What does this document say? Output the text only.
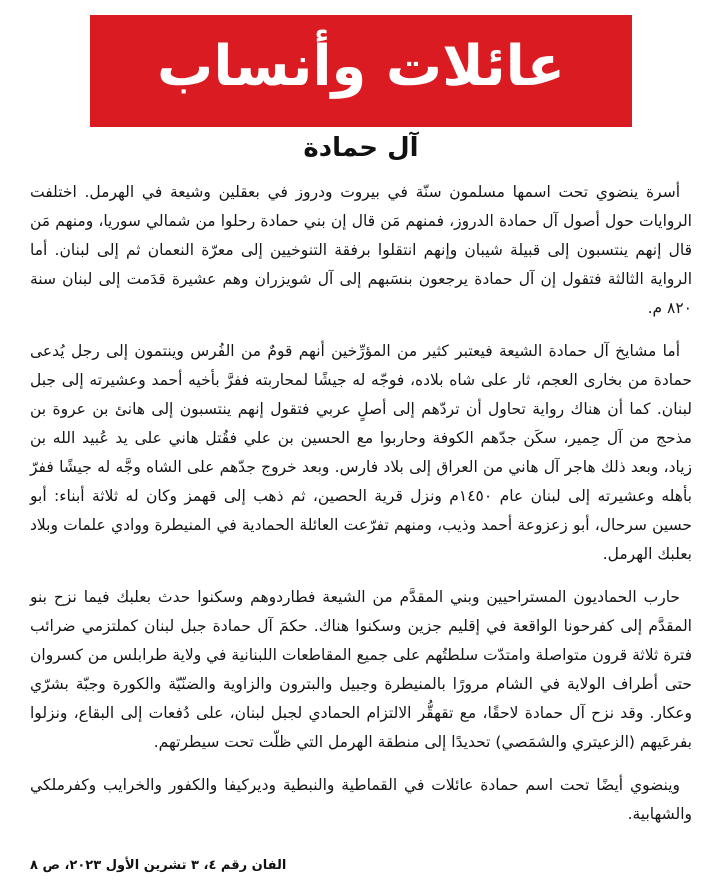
عائلات وأنساب
آل حمادة

أسرة ينضوي تحت اسمها مسلمون سنّة في بيروت ودروز في بعقلين وشيعة في الهرمل. اختلفت الروايات حول أصول آل حمادة الدروز، فمنهم مَن قال إن بني حمادة رحلوا من شمالي سوريا، ومنهم مَن قال إنهم ينتسبون إلى قبيلة شيبان وإنهم انتقلوا برفقة التنوخيين إلى معرّة النعمان ثم إلى لبنان. أما الرواية الثالثة فتقول إن آل حمادة يرجعون بنسَبهم إلى آل شويزران وهم عشيرة قدَمت إلى لبنان سنة ٨٢٠ م.

أما مشايخ آل حمادة الشيعة فيعتبر كثير من المؤرِّخين أنهم قومٌ من الفُرس وينتمون إلى رجل يُدعى حمادة من بخارى العجم، ثار على شاه بلاده، فوجّه له جيشًا لمحاربته ففرَّ بأخيه أحمد وعشيرته إلى جبل لبنان. كما أن هناك رواية تحاول أن تردّهم إلى أصلٍ عربي فتقول إنهم ينتسبون إلى هانئ بن عروة بن مذحج من آل حِمير، سكَن جدّهم الكوفة وحاربوا مع الحسين بن علي فقُتل هاني على يد عُبيد الله بن زياد، وبعد ذلك هاجر آل هاني من العراق إلى بلاد فارس. وبعد خروج جدّهم على الشاه وجَّه له جيشًا ففرّ بأهله وعشيرته إلى لبنان عام ١٤٥٠م ونزل قرية الحصين، ثم ذهب إلى قهمز وكان له ثلاثة أبناء: أبو حسين سرحال، أبو زعزوعة أحمد وذيب، ومنهم تفرّعت العائلة الحمادية في المنيطرة ووادي علمات وبلاد بعلبك الهرمل.

حارب الحماديون المستراحيين وبني المقدَّم من الشيعة فطاردوهم وسكنوا حدث بعلبك فيما نزح بنو المقدَّم إلى كفرحونا الواقعة في إقليم جزين وسكنوا هناك. حكمَ آل حمادة جبل لبنان كملتزمي ضرائب فترة ثلاثة قرون متواصلة وامتدّت سلطتُهم على جميع المقاطعات اللبنانية في ولاية طرابلس من كسروان حتى أطراف الولاية في الشام مرورًا بالمنيطرة وجبيل والبترون والزاوية والضنّيّة والكورة وجبّة بشرّي وعكار. وقد نزح آل حمادة لاحقًا، مع تقهقُّر الالتزام الحمادي لجبل لبنان، على دُفعات إلى البقاع، ونزلوا بفرعَيهم (الزعيتري والشمَصي) تحديدًا إلى منطقة الهرمل التي ظلّت تحت سيطرتهم.

وينضوي أيضًا تحت اسم حمادة عائلات في القماطية والنبطية وديركيفا والكفور والخرايب وكفرملكي والشهابية.

الفان رقم ٤، ٣ تشرين الأول ٢٠٢٣، ص ٨
